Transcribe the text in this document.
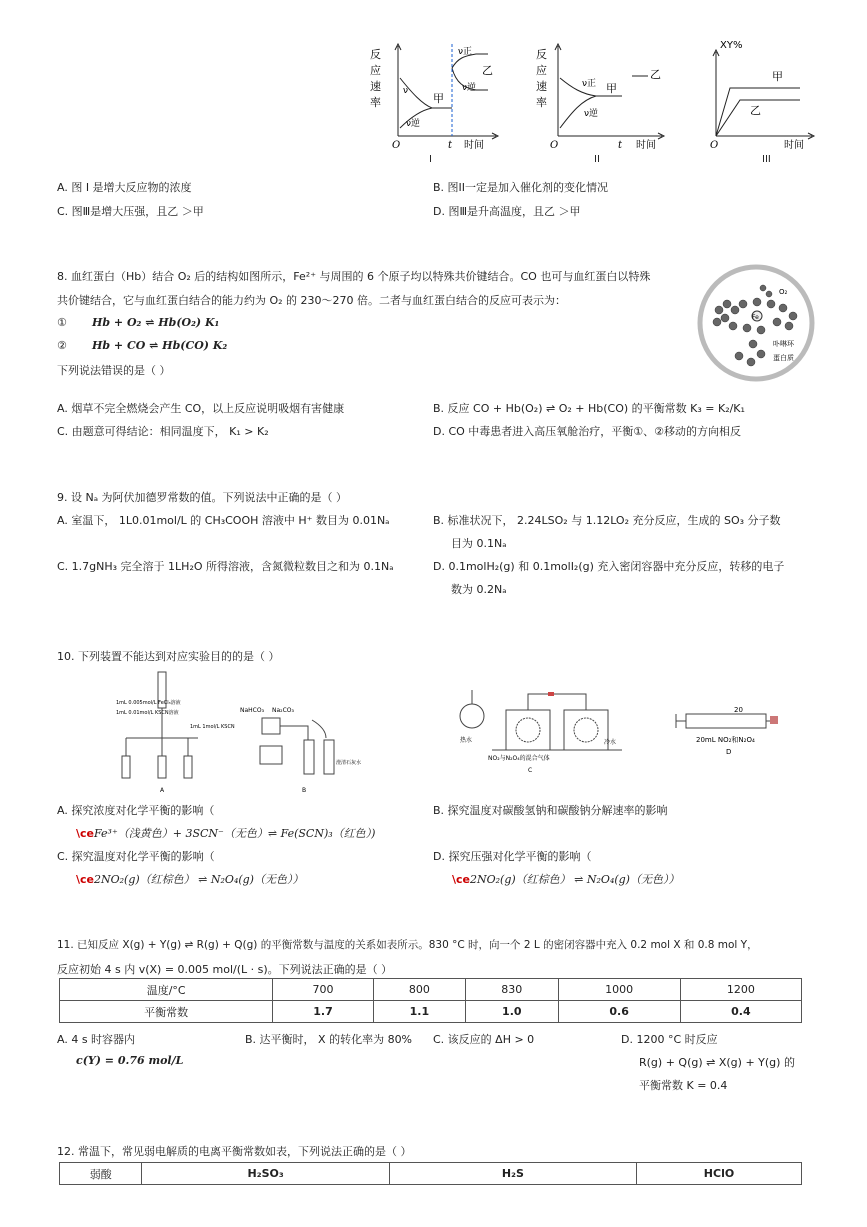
反
应
速
率
ν
ν逆
甲
ν正
ν逆
乙
O	t 时间
I
反
应
速
率
ν正
ν逆
甲
乙
O	t 时间
II
XY%
甲
乙
O	时间
III
A. 图 I 是增大反应物的浓度	B. 图II一定是加入催化剂的变化情况
C. 图Ⅲ是增大压强，且乙 ＞甲	D. 图Ⅲ是升高温度，且乙 ＞甲
8. 血红蛋白（Hb）结合 O₂ 后的结构如图所示，Fe²⁺ 与周围的 6 个原子均以特殊共价键结合。CO 也可与血红蛋白以特殊
共价键结合，它与血红蛋白结合的能力约为 O₂ 的 230～270 倍。二者与血红蛋白结合的反应可表示为：
① Hb + O₂ ⇌ Hb(O₂) K₁
② Hb + CO ⇌ Hb(CO) K₂
下列说法错误的是（ ）
Fe
O₂
卟啉环
蛋白质
A. 烟草不完全燃烧会产生 CO，以上反应说明吸烟有害健康	B. 反应 CO + Hb(O₂) ⇌ O₂ + Hb(CO) 的平衡常数 K₃ = K₂/K₁
C. 由题意可得结论：相同温度下， K₁ > K₂	D. CO 中毒患者进入高压氧舱治疗，平衡①、②移动的方向相反
9. 设 Nₐ 为阿伏加德罗常数的值。下列说法中正确的是（ ）
A. 室温下， 1L0.01mol/L 的 CH₃COOH 溶液中 H⁺ 数目为 0.01Nₐ	B. 标准状况下， 2.24LSO₂ 与 1.12LO₂ 充分反应，生成的 SO₃ 分子数
目为 0.1Nₐ
C. 1.7gNH₃ 完全溶于 1LH₂O 所得溶液，含氮微粒数目之和为 0.1Nₐ	D. 0.1molH₂(g) 和 0.1molI₂(g) 充入密闭容器中充分反应，转移的电子
数为 0.2Nₐ
10. 下列装置不能达到对应实验目的的是（ ）
1mL 0.005mol/L FeCl₃溶液
1mL 0.01mol/L KSCN溶液
1mL 1mol/L KSCN
A
NaHCO₃ Na₂CO₃
澄清石灰水
B
热水	冷水
NO₂与N₂O₄的混合气体
C
20
20mL NO₂和N₂O₄
D
A. 探究浓度对化学平衡的影响（
\ceFe³⁺（浅黄色）+ 3SCN⁻（无色）⇌ Fe(SCN)₃（红色）)
B. 探究温度对碳酸氢钠和碳酸钠分解速率的影响
C. 探究温度对化学平衡的影响（
\ce2NO₂(g)（红棕色） ⇌ N₂O₄(g)（无色））
D. 探究压强对化学平衡的影响（
\ce2NO₂(g)（红棕色） ⇌ N₂O₄(g)（无色））
11. 已知反应 X(g) + Y(g) ⇌ R(g) + Q(g) 的平衡常数与温度的关系如表所示。830 °C 时，向一个 2 L 的密闭容器中充入 0.2 mol X 和 0.8 mol Y，
反应初始 4 s 内 v(X) = 0.005 mol/(L · s)。下列说法正确的是（ ）
温度/°C	700	800	830	1000	1200
平衡常数	1.7	1.1	1.0	0.6	0.4
A. 4 s 时容器内
c(Y) = 0.76 mol/L
B. 达平衡时， X 的转化率为 80% C. 该反应的 ΔH > 0	D. 1200 °C 时反应
R(g) + Q(g) ⇌ X(g) + Y(g) 的
平衡常数 K = 0.4
12. 常温下，常见弱电解质的电离平衡常数如表，下列说法正确的是（ ）
弱酸	H₂SO₃	H₂S	HClO
